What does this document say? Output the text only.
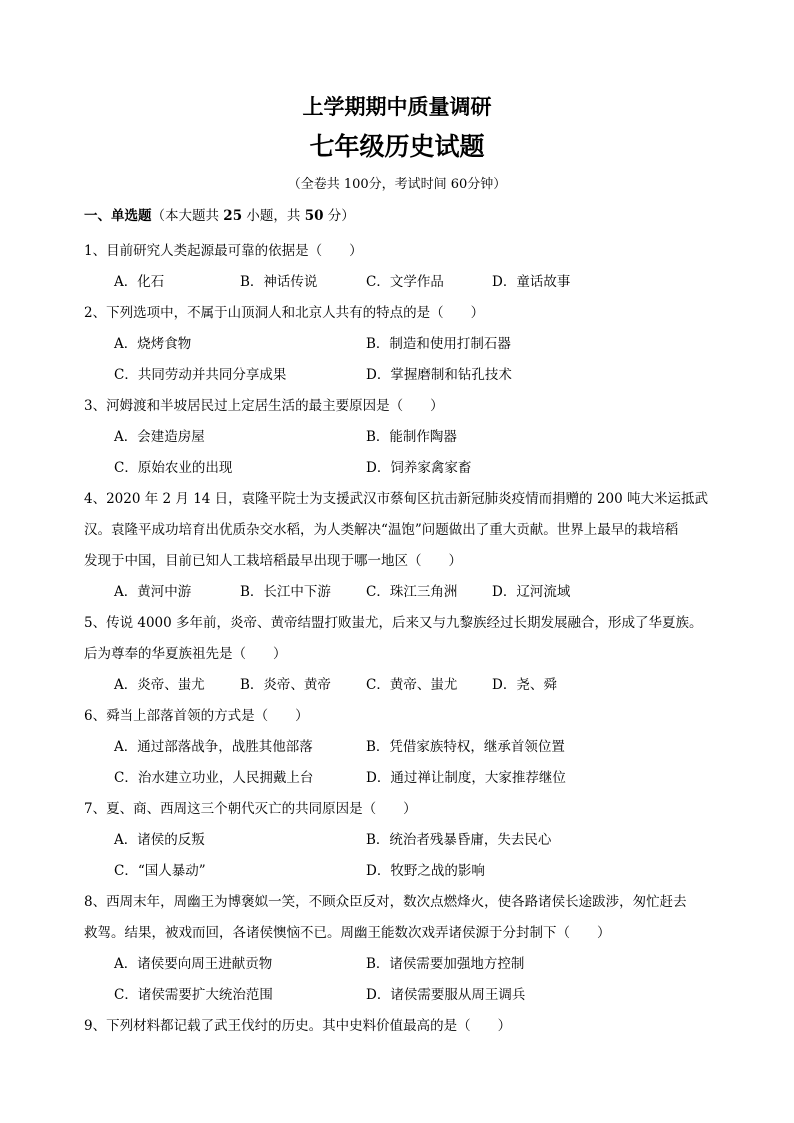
上学期期中质量调研
七年级历史试题
（全卷共 100分，考试时间 60分钟）
一、单选题（本大题共 25 小题，共 50 分）
1、目前研究人类起源最可靠的依据是（　　）
A．化石	B．神话传说	C．文学作品	D．童话故事
2、下列选项中，不属于山顶洞人和北京人共有的特点的是（　　）
A．烧烤食物	B．制造和使用打制石器
C．共同劳动并共同分享成果	D．掌握磨制和钻孔技术
3、河姆渡和半坡居民过上定居生活的最主要原因是（　　）
A．会建造房屋	B．能制作陶器
C．原始农业的出现	D．饲养家禽家畜
4、2020 年 2 月 14 日，袁隆平院士为支援武汉市蔡甸区抗击新冠肺炎疫情而捐赠的 200 吨大米运抵武
汉。袁隆平成功培育出优质杂交水稻，为人类解决“温饱”问题做出了重大贡献。世界上最早的栽培稻
发现于中国，目前已知人工栽培稻最早出现于哪一地区（　　）
A．黄河中游	B．长江中下游	C．珠江三角洲	D．辽河流域
5、传说 4000 多年前，炎帝、黄帝结盟打败蚩尤，后来又与九黎族经过长期发展融合，形成了华夏族。
后为尊奉的华夏族祖先是（　　）
A．炎帝、蚩尤	B．炎帝、黄帝	C．黄帝、蚩尤	D．尧、舜
6、舜当上部落首领的方式是（　　）
A．通过部落战争，战胜其他部落	B．凭借家族特权，继承首领位置
C．治水建立功业，人民拥戴上台	D．通过禅让制度，大家推荐继位
7、夏、商、西周这三个朝代灭亡的共同原因是（　　）
A．诸侯的反叛	B．统治者残暴昏庸，失去民心
C．“国人暴动”	D．牧野之战的影响
8、西周末年，周幽王为博褒姒一笑，不顾众臣反对，数次点燃烽火，使各路诸侯长途跋涉，匆忙赶去
救驾。结果，被戏而回，各诸侯懊恼不已。周幽王能数次戏弄诸侯源于分封制下（　　）
A．诸侯要向周王进献贡物	B．诸侯需要加强地方控制
C．诸侯需要扩大统治范围	D．诸侯需要服从周王调兵
9、下列材料都记载了武王伐纣的历史。其中史料价值最高的是（　　）
